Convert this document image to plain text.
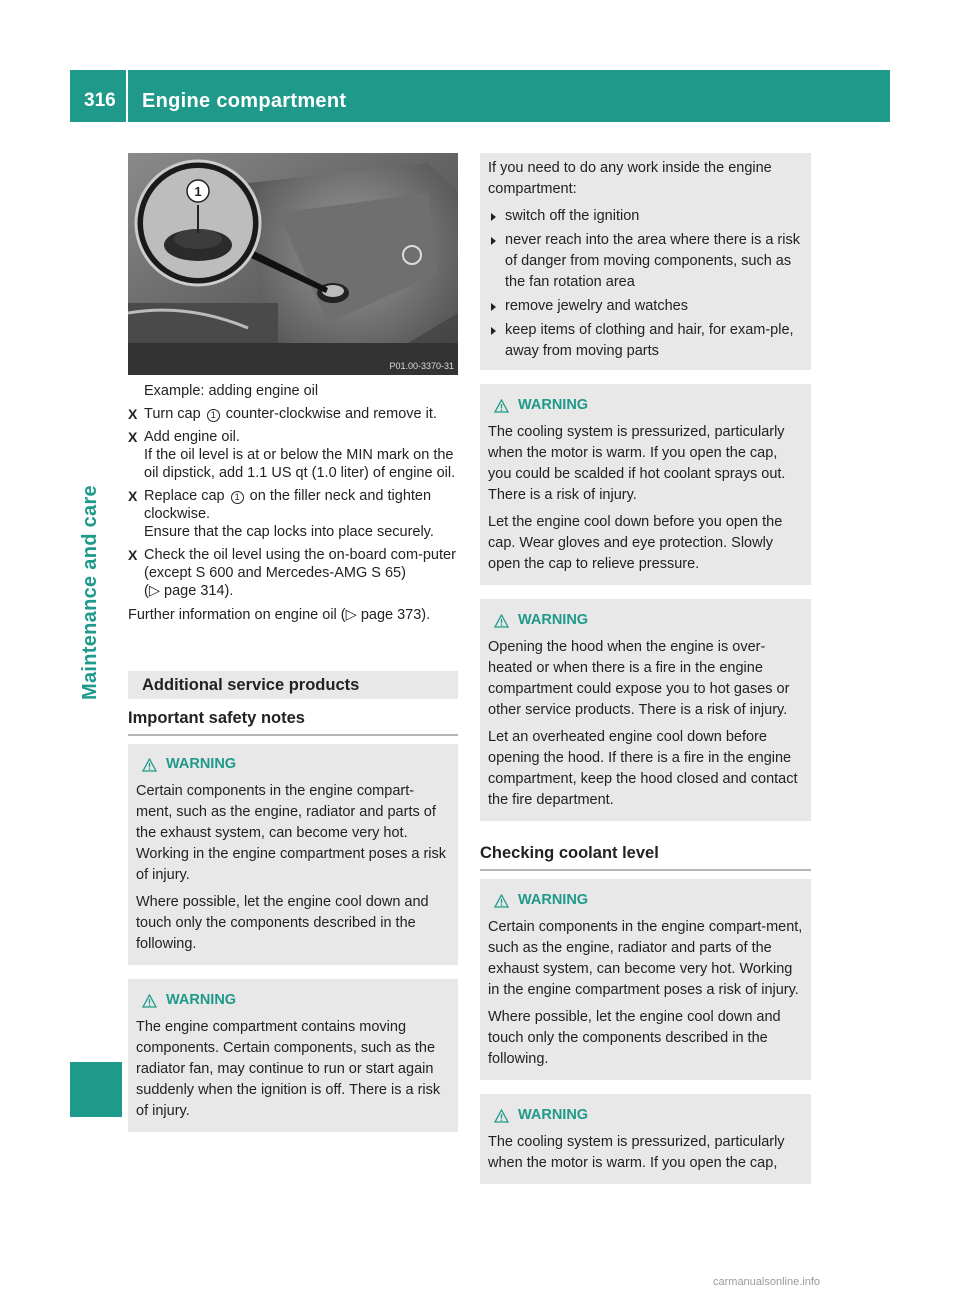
316	Engine compartment
Maintenance and care
1
P01.00-3370-31
Example: adding engine oil
X Turn cap 1 counter-clockwise and remove it.
X Add engine oil.
If the oil level is at or below the MIN mark on the oil dipstick, add 1.1 US qt (1.0 liter) of engine oil.
X Replace cap 1 on the filler neck and tighten clockwise.
Ensure that the cap locks into place securely.
X Check the oil level using the on-board com-puter (except S 600 and Mercedes-AMG S 65) (▷ page 314).
Further information on engine oil (▷ page 373).
Additional service products
Important safety notes
WARNING
Certain components in the engine compart-ment, such as the engine, radiator and parts of the exhaust system, can become very hot. Working in the engine compartment poses a risk of injury.
Where possible, let the engine cool down and touch only the components described in the following.
WARNING
The engine compartment contains moving components. Certain components, such as the radiator fan, may continue to run or start again suddenly when the ignition is off. There is a risk of injury.
If you need to do any work inside the engine compartment:
switch off the ignition
never reach into the area where there is a risk of danger from moving components, such as the fan rotation area
remove jewelry and watches
keep items of clothing and hair, for exam-ple, away from moving parts
WARNING
The cooling system is pressurized, particularly when the motor is warm. If you open the cap, you could be scalded if hot coolant sprays out. There is a risk of injury.
Let the engine cool down before you open the cap. Wear gloves and eye protection. Slowly open the cap to relieve pressure.
WARNING
Opening the hood when the engine is over-heated or when there is a fire in the engine compartment could expose you to hot gases or other service products. There is a risk of injury.
Let an overheated engine cool down before opening the hood. If there is a fire in the engine compartment, keep the hood closed and contact the fire department.
Checking coolant level
WARNING
Certain components in the engine compart-ment, such as the engine, radiator and parts of the exhaust system, can become very hot. Working in the engine compartment poses a risk of injury.
Where possible, let the engine cool down and touch only the components described in the following.
WARNING
The cooling system is pressurized, particularly when the motor is warm. If you open the cap,
carmanualsonline.info
